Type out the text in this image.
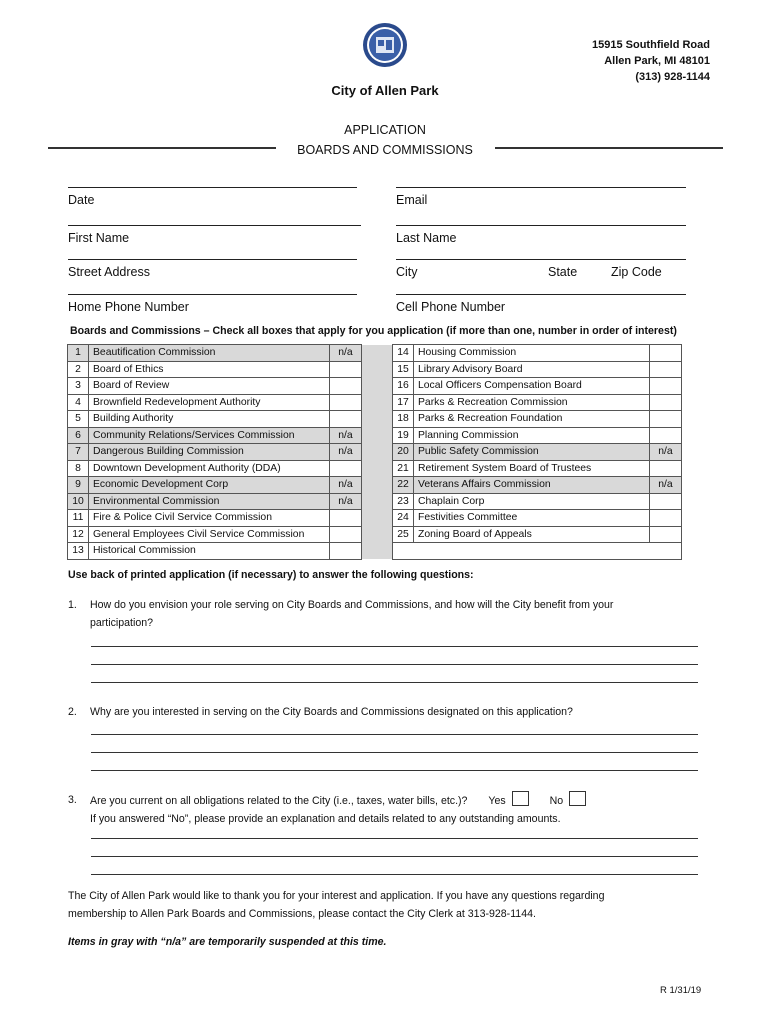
15915 Southfield Road
Allen Park, MI 48101
(313) 928-1144
City of Allen Park
APPLICATION
BOARDS AND COMMISSIONS
Date	Email
First Name	Last Name
Street Address	City	State	Zip Code
Home Phone Number	Cell Phone Number
Boards and Commissions – Check all boxes that apply for you application (if more than one, number in order of interest)
1	Beautification Commission	n/a		14	Housing Commission	
2	Board of Ethics			15	Library Advisory Board	
3	Board of Review			16	Local Officers Compensation Board	
4	Brownfield Redevelopment Authority			17	Parks & Recreation Commission	
5	Building Authority			18	Parks & Recreation Foundation	
6	Community Relations/Services Commission	n/a		19	Planning Commission	
7	Dangerous Building Commission	n/a		20	Public Safety Commission	n/a
8	Downtown Development Authority (DDA)			21	Retirement System Board of Trustees	
9	Economic Development Corp	n/a		22	Veterans Affairs Commission	n/a
10	Environmental Commission	n/a		23	Chaplain Corp	
11	Fire & Police Civil Service Commission			24	Festivities Committee	
12	General Employees Civil Service Commission			25	Zoning Board of Appeals	
13	Historical Commission					
Use back of printed application (if necessary) to answer the following questions:
1. How do you envision your role serving on City Boards and Commissions, and how will the City benefit from your
participation?
2. Why are you interested in serving on the City Boards and Commissions designated on this application?
3. Are you current on all obligations related to the City (i.e., taxes, water bills, etc.)? Yes	No
If you answered “No”, please provide an explanation and details related to any outstanding amounts.
The City of Allen Park would like to thank you for your interest and application. If you have any questions regarding
membership to Allen Park Boards and Commissions, please contact the City Clerk at 313-928-1144.
Items in gray with “n/a” are temporarily suspended at this time.
R 1/31/19
